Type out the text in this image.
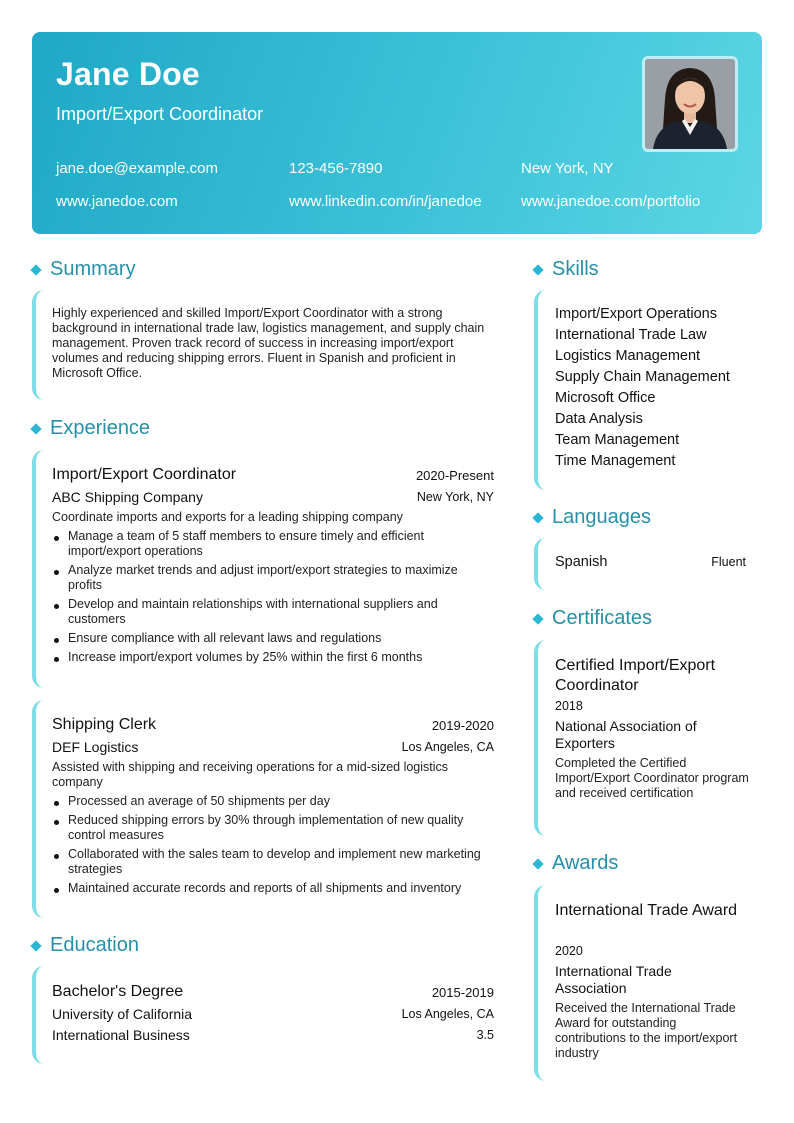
Jane Doe
Import/Export Coordinator
jane.doe@example.com	123-456-7890	New York, NY
www.janedoe.com	www.linkedin.com/in/janedoe	www.janedoe.com/portfolio
Summary
Highly experienced and skilled Import/Export Coordinator with a strong background in international trade law, logistics management, and supply chain management. Proven track record of success in increasing import/export volumes and reducing shipping errors. Fluent in Spanish and proficient in Microsoft Office.
Experience
Import/Export Coordinator	2020-Present
ABC Shipping Company	New York, NY
Coordinate imports and exports for a leading shipping company
Manage a team of 5 staff members to ensure timely and efficient import/export operations
Analyze market trends and adjust import/export strategies to maximize profits
Develop and maintain relationships with international suppliers and customers
Ensure compliance with all relevant laws and regulations
Increase import/export volumes by 25% within the first 6 months
Shipping Clerk	2019-2020
DEF Logistics	Los Angeles, CA
Assisted with shipping and receiving operations for a mid-sized logistics company
Processed an average of 50 shipments per day
Reduced shipping errors by 30% through implementation of new quality control measures
Collaborated with the sales team to develop and implement new marketing strategies
Maintained accurate records and reports of all shipments and inventory
Education
Bachelor's Degree	2015-2019
University of California	Los Angeles, CA
International Business	3.5
Skills
Import/Export Operations
International Trade Law
Logistics Management
Supply Chain Management
Microsoft Office
Data Analysis
Team Management
Time Management
Languages
Spanish	Fluent
Certificates
Certified Import/Export Coordinator
2018
National Association of Exporters
Completed the Certified Import/Export Coordinator program and received certification
Awards
International Trade Award
2020
International Trade Association
Received the International Trade Award for outstanding contributions to the import/export industry
